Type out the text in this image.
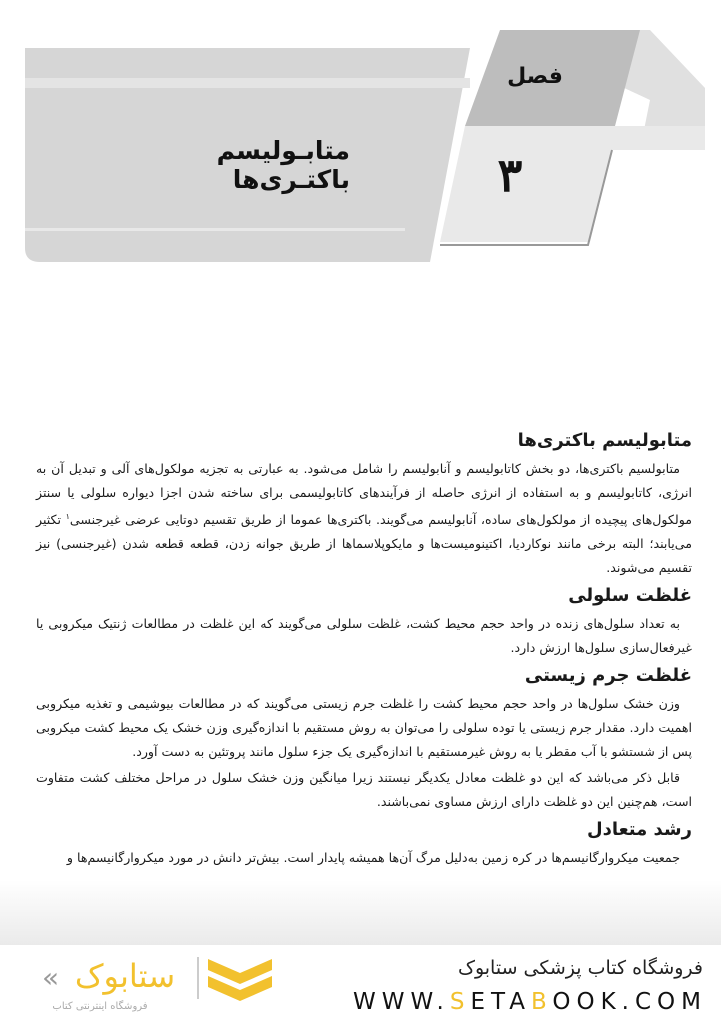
فصل
۳
متابـولیسم باکتـری‌ها
متابولیسم باکتری‌ها

متابولسیم باکتری‌ها، دو بخش کاتابولیسم و آنابولیسم را شامل می‌شود. به عبارتی به تجزیه مولکول‌های آلی و تبدیل آن به انرژی، کاتابولیسم و به استفاده از انرژی حاصله از فرآیندهای کاتابولیسمی برای ساخته شدن اجزا دیواره سلولی یا سنتز مولکول‌های پیچیده از مولکول‌های ساده، آنابولیسم می‌گویند. باکتری‌ها عموما از طریق تقسیم دوتایی عرضی غیرجنسی$^۱$ تکثیر می‌یابند؛ البته برخی مانند نوکاردیا، اکتینومیست‌ها و مایکوپلاسماها از طریق جوانه زدن، قطعه قطعه شدن (غیرجنسی) نیز تقسیم می‌شوند.

غلظت سلولی

به تعداد سلول‌های زنده در واحد حجم محیط کشت، غلظت سلولی می‌گویند که این غلظت در مطالعات ژنتیک میکروبی یا غیرفعال‌سازی سلول‌ها ارزش دارد.

غلظت جرم زیستی

وزن خشک سلول‌ها در واحد حجم محیط کشت را غلظت جرم زیستی می‌گویند که در مطالعات بیوشیمی و تغذیه میکروبی اهمیت دارد. مقدار جرم زیستی یا توده سلولی را می‌توان به روش مستقیم با اندازه‌گیری وزن خشک یک محیط کشت میکروبی پس از شستشو با آب مقطر یا به روش غیرمستقیم با اندازه‌گیری یک جزء سلول مانند پروتئین به دست آورد.

قابل ذکر می‌باشد که این دو غلظت معادل یکدیگر نیستند زیرا میانگین وزن خشک سلول در مراحل مختلف کشت متفاوت است، هم‌چنین این دو غلظت دارای ارزش مساوی نمی‌باشند.

رشد متعادل

جمعیت میکروارگانیسم‌ها در کره زمین به‌دلیل مرگ آن‌ها همیشه پایدار است. بیش‌تر دانش در مورد میکروارگانیسم‌ها و

ستابوک
«
فروشگاه اینترنتی کتاب
فروشگاه کتاب پزشکی ستابوک
WWW.SETABOOK.COM
